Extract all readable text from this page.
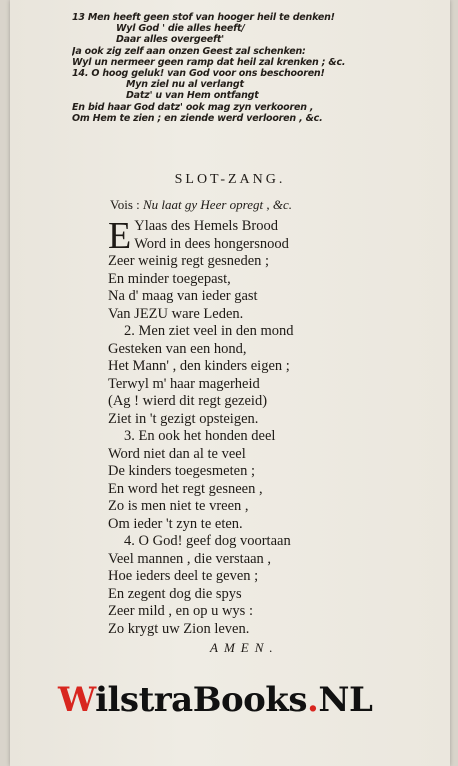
13 Men heeft geen stof van hooger heil te denken!
Wyl God ' die alles heeft/
Daar alles overgeeft'
Ja ook zig zelf aan onzen Geest zal schenken:
Wyl un nermeer geen ramp dat heil zal krenken ; &c.
14. O hoog geluk! van God voor ons beschooren!
Myn ziel nu al verlangt
Datz' u van Hem ontfangt
En bid haar God datz' ook mag zyn verkooren ,
Om Hem te zien ; en ziende werd verlooren , &c.
SLOT-ZANG.
Vois : Nu laat gy Heer opregt , &c.
E Ylaas des Hemels Brood
Word in dees hongersnood
Zeer weinig regt gesneden ;
En minder toegepast,
Na d' maag van ieder gast
Van JEZU ware Leden.
2. Men ziet veel in den mond
Gesteken van een hond,
Het Mann' , den kinders eigen ;
Terwyl m' haar magerheid
(Ag ! wierd dit regt gezeid)
Ziet in 't gezigt opsteigen.
3. En ook het honden deel
Word niet dan al te veel
De kinders toegesmeten ;
En word het regt gesneen ,
Zo is men niet te vreen ,
Om ieder 't zyn te eten.
4. O God! geef dog voortaan
Veel mannen , die verstaan ,
Hoe ieders deel te geven ;
En zegent dog die spys
Zeer mild , en op u wys :
Zo krygt uw Zion leven.
AMEN.
WilstraBooks.NL
